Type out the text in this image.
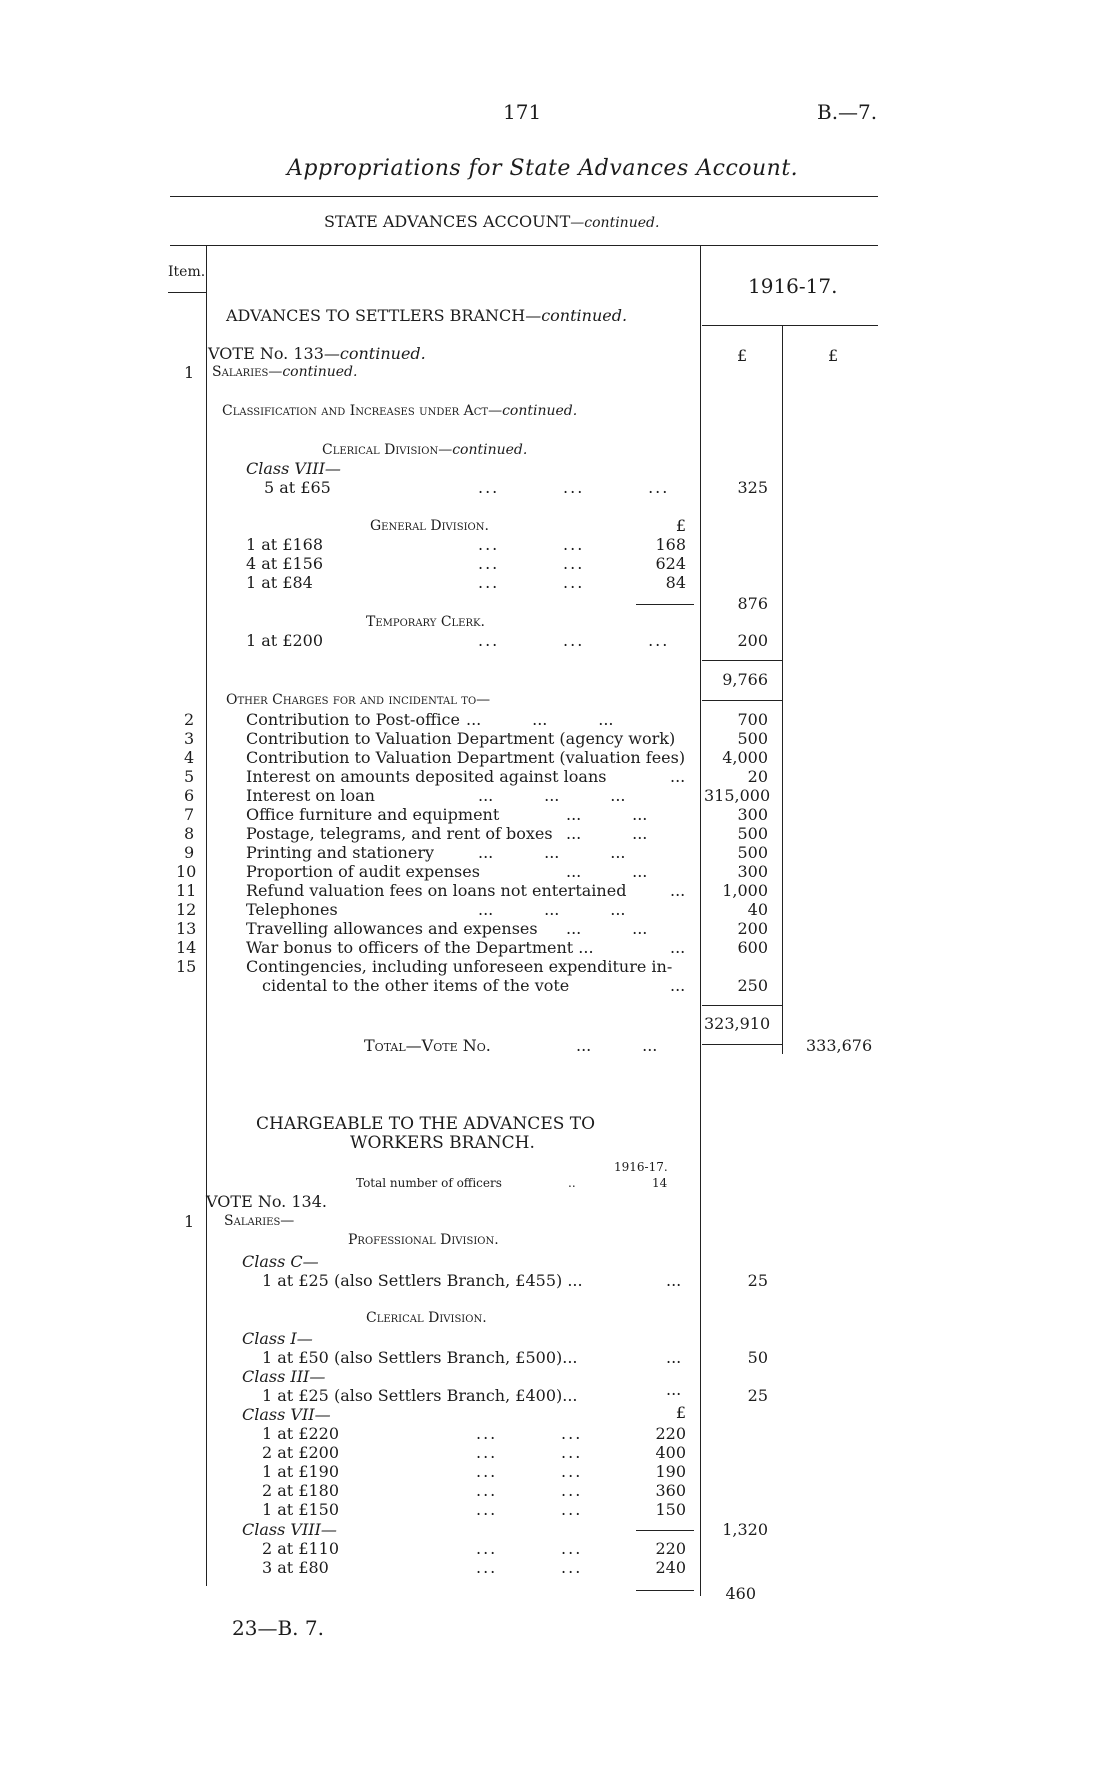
171	B.—7.
Appropriations for State Advances Account.
STATE ADVANCES ACCOUNT—continued.
Item.
1916-17.
£	£
ADVANCES TO SETTLERS BRANCH—continued.
VOTE No. 133—continued.
1 Salaries—continued.
Classification and Increases under Act—continued.
Clerical Division—continued.
Class VIII—
5 at £65	...         ...         ...	325
General Division.	£
1 at £168	...         ...	168
4 at £156	...         ...	624
1 at £84	...         ...	84
876
Temporary Clerk.
1 at £200	...         ...         ...	200
9,766
Other Charges for and incidental to—
2	Contribution to Post-office ...          ...          ...	700
3	Contribution to Valuation Department (agency work)	500
4	Contribution to Valuation Department (valuation fees)	4,000
5	Interest on amounts deposited against loans	...	20
6	Interest on loan	...          ...          ...	315,000
7	Office furniture and equipment	...          ...	300
8	Postage, telegrams, and rent of boxes ...          ...	500
9	Printing and stationery	...          ...          ...	500
10	Proportion of audit expenses	...          ...	300
11	Refund valuation fees on loans not entertained	...	1,000
12	Telephones	...          ...          ...	40
13	Travelling allowances and expenses ...          ...	200
14	War bonus to officers of the Department ...	...	600
15	Contingencies, including unforeseen expenditure in-
cidental to the other items of the vote	...	250
323,910
Total—Vote No.	...          ...	333,676
CHARGEABLE TO THE ADVANCES TO
WORKERS BRANCH.
1916-17.
Total number of officers	..	14
VOTE No. 134.
1 Salaries—
Professional Division.
Class C—
1 at £25 (also Settlers Branch, £455) ...	...	25
Clerical Division.
Class I—
1 at £50 (also Settlers Branch, £500)...	...	50
Class III—
1 at £25 (also Settlers Branch, £400)...	...	25
Class VII—	£
1 at £220	...         ...	220
2 at £200	...         ...	400
1 at £190	...         ...	190
2 at £180	...         ...	360
1 at £150	...         ...	150
1,320
Class VIII—
2 at £110	...         ...	220
3 at £80	...         ...	240
460
23—B. 7.
